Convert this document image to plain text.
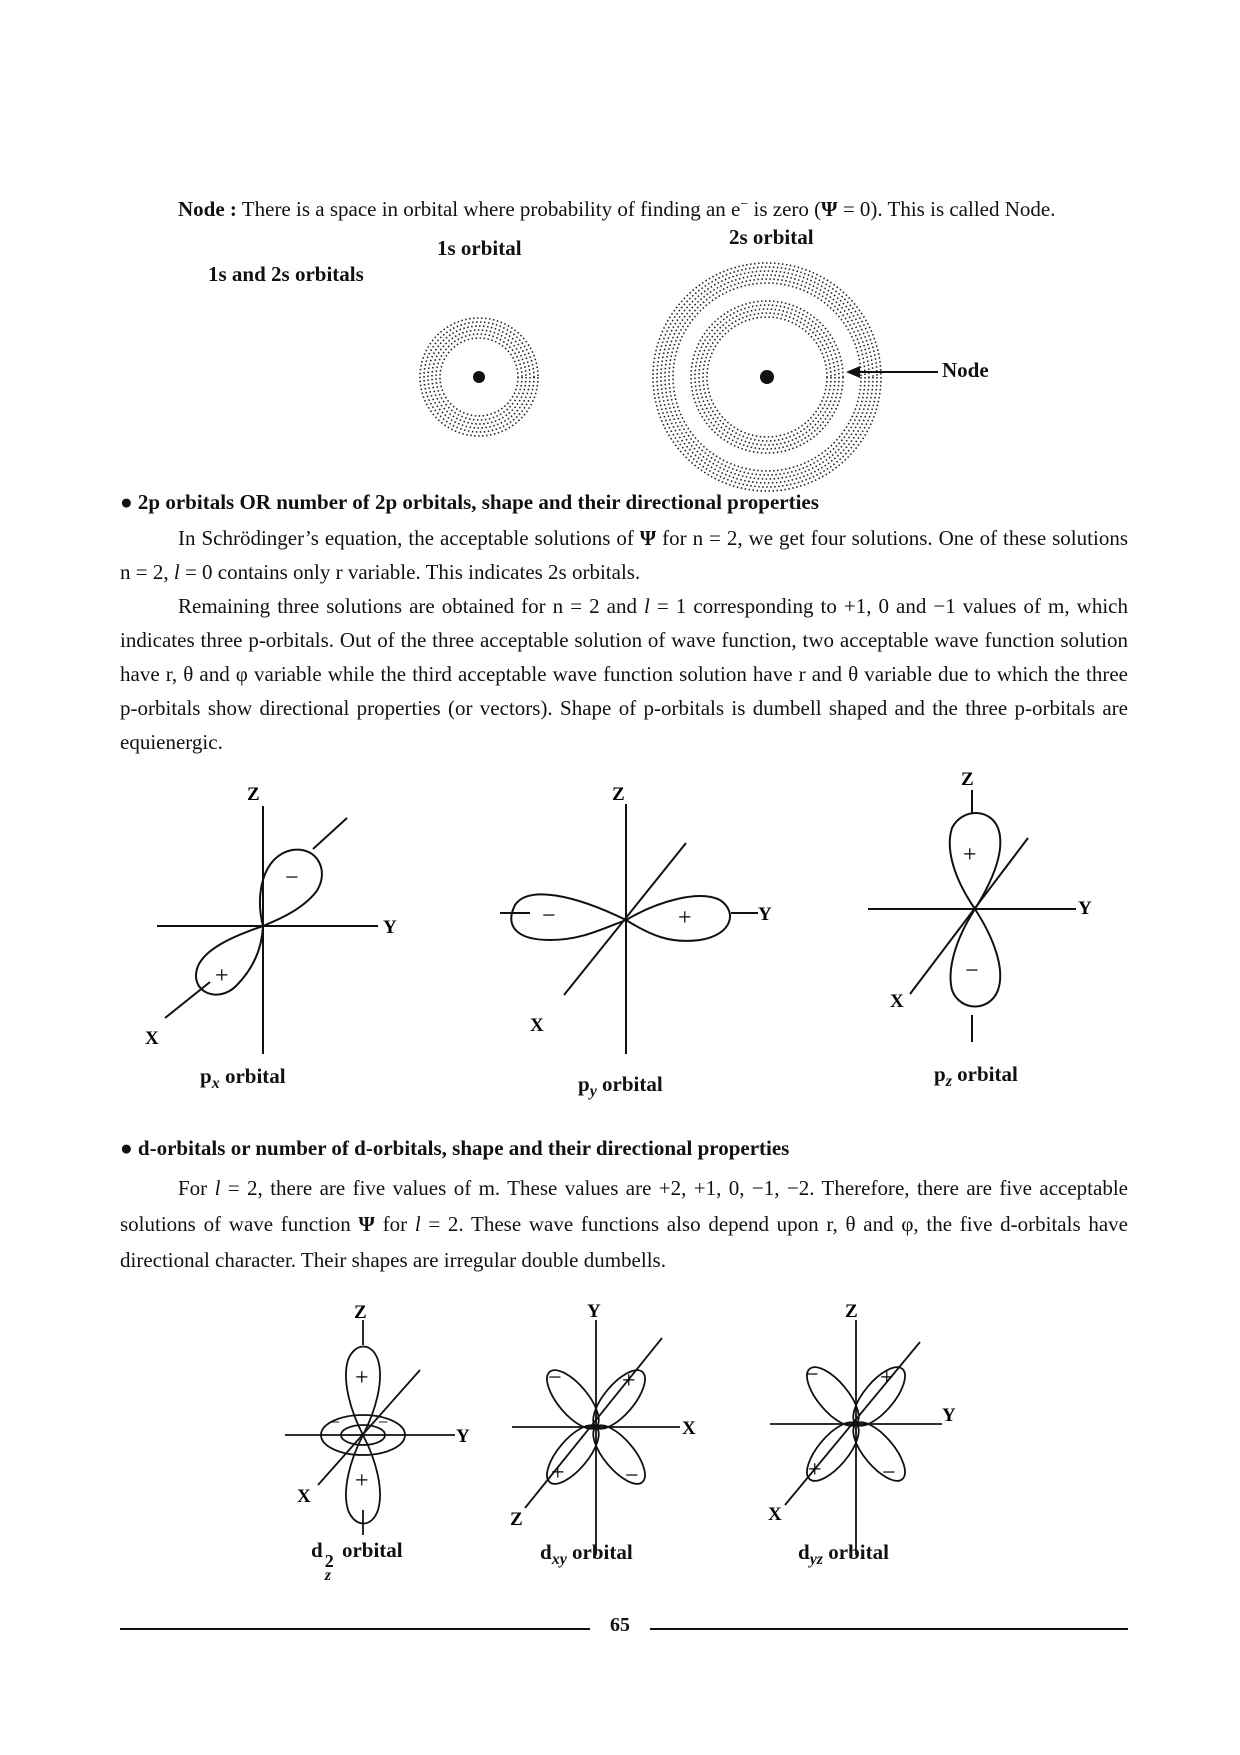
Node : There is a space in orbital where probability of finding an e− is zero (Ψ = 0). This is called Node.
1s and 2s orbitals
1s orbital	2s orbital
Node
● 2p orbitals OR number of 2p orbitals, shape and their directional properties
In Schrödinger’s equation, the acceptable solutions of Ψ for n = 2, we get four solutions. One of these solutions n = 2, l = 0 contains only r variable. This indicates 2s orbitals.
Remaining three solutions are obtained for n = 2 and l = 1 corresponding to +1, 0 and −1 values of m, which indicates three p-orbitals. Out of the three acceptable solution of wave function, two acceptable wave function solution have r, θ and φ variable while the third acceptable wave function solution have r and θ variable due to which the three p-orbitals show directional properties (or vectors). Shape of p-orbitals is dumbell shaped and the three p-orbitals are equienergic.
Z
Y
X
−
+
Z
Y
X
−	+
Z
Y
X
+
−
$p_x$ orbital	$p_y$ orbital	$p_z$ orbital
● d-orbitals or number of d-orbitals, shape and their directional properties
For l = 2, there are five values of m. These values are +2, +1, 0, −1, −2. Therefore, there are five acceptable solutions of wave function Ψ for l = 2. These wave functions also depend upon r, θ and φ, the five d-orbitals have directional character. Their shapes are irregular double dumbells.
Z
Y
X
+
+
− −
Y
X
Z
−	+
+	−
Z
Y
X
−	+
+	−
d 2
z
orbital	$d_{xy}$ orbital	$d_{yz}$ orbital
65
